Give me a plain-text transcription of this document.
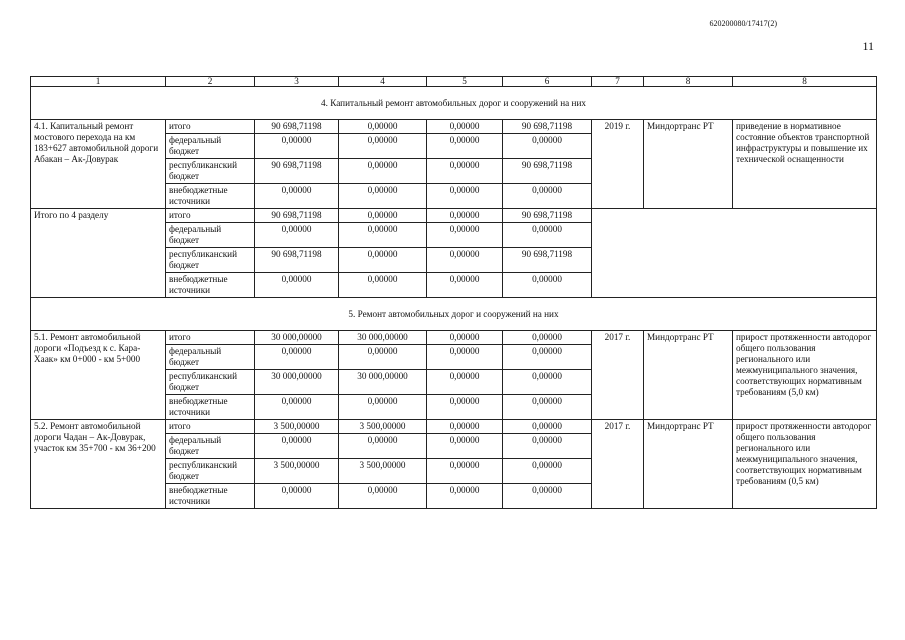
620200080/17417(2)
11
1	2	3	4	5	6	7	8	8
4. Капитальный ремонт автомобильных дорог и сооружений на них								
4.1. Капитальный ремонт мостового перехода на км 183+627 автомобильной дороги Абакан – Ак-Довурак	итого	90 698,71198	0,00000	0,00000	90 698,71198	2019 г.	Миндортранс РТ	приведение в нормативное состояние объектов транспортной инфраструктуры и повышение их технической оснащенности
	федеральный бюджет	0,00000	0,00000	0,00000	0,00000			
	республиканский бюджет	90 698,71198	0,00000	0,00000	90 698,71198			
	внебюджетные источники	0,00000	0,00000	0,00000	0,00000			
Итого по 4 разделу	итого	90 698,71198	0,00000	0,00000	90 698,71198			
	федеральный бюджет	0,00000	0,00000	0,00000	0,00000			
	республиканский бюджет	90 698,71198	0,00000	0,00000	90 698,71198			
	внебюджетные источники	0,00000	0,00000	0,00000	0,00000			
5. Ремонт автомобильных дорог и сооружений на них								
5.1. Ремонт автомобильной дороги «Подъезд к с. Кара-Хаак» км 0+000 - км 5+000	итого	30 000,00000	30 000,00000	0,00000	0,00000	2017 г.	Миндортранс РТ	прирост протяженности автодорог общего пользования регионального или межмуниципального значения, соответствующих нормативным требованиям (5,0 км)
	федеральный бюджет	0,00000	0,00000	0,00000	0,00000			
	республиканский бюджет	30 000,00000	30 000,00000	0,00000	0,00000			
	внебюджетные источники	0,00000	0,00000	0,00000	0,00000			
5.2. Ремонт автомобильной дороги Чадан – Ак-Довурак, участок км 35+700 - км 36+200	итого	3 500,00000	3 500,00000	0,00000	0,00000	2017 г.	Миндортранс РТ	прирост протяженности автодорог общего пользования регионального или межмуниципального значения, соответствующих нормативным требованиям (0,5 км)
	федеральный бюджет	0,00000	0,00000	0,00000	0,00000			
	республиканский бюджет	3 500,00000	3 500,00000	0,00000	0,00000			
	внебюджетные источники	0,00000	0,00000	0,00000	0,00000			
